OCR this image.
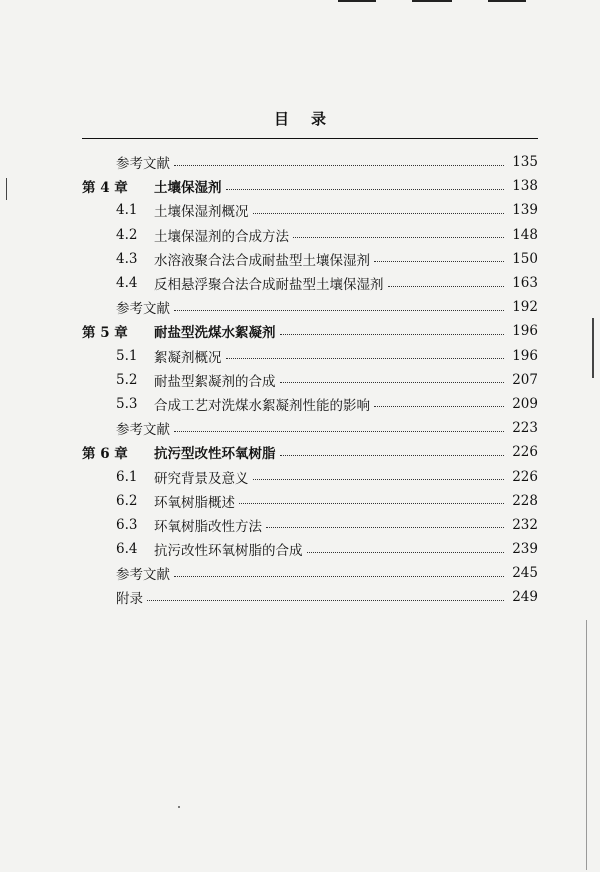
目录
参考文献	135
第 4 章	土壤保湿剂	138
4.1	土壤保湿剂概况	139
4.2	土壤保湿剂的合成方法	148
4.3	水溶液聚合法合成耐盐型土壤保湿剂	150
4.4	反相悬浮聚合法合成耐盐型土壤保湿剂	163
参考文献	192
第 5 章	耐盐型洗煤水絮凝剂	196
5.1	絮凝剂概况	196
5.2	耐盐型絮凝剂的合成	207
5.3	合成工艺对洗煤水絮凝剂性能的影响	209
参考文献	223
第 6 章	抗污型改性环氧树脂	226
6.1	研究背景及意义	226
6.2	环氧树脂概述	228
6.3	环氧树脂改性方法	232
6.4	抗污改性环氧树脂的合成	239
参考文献	245
附录	249
